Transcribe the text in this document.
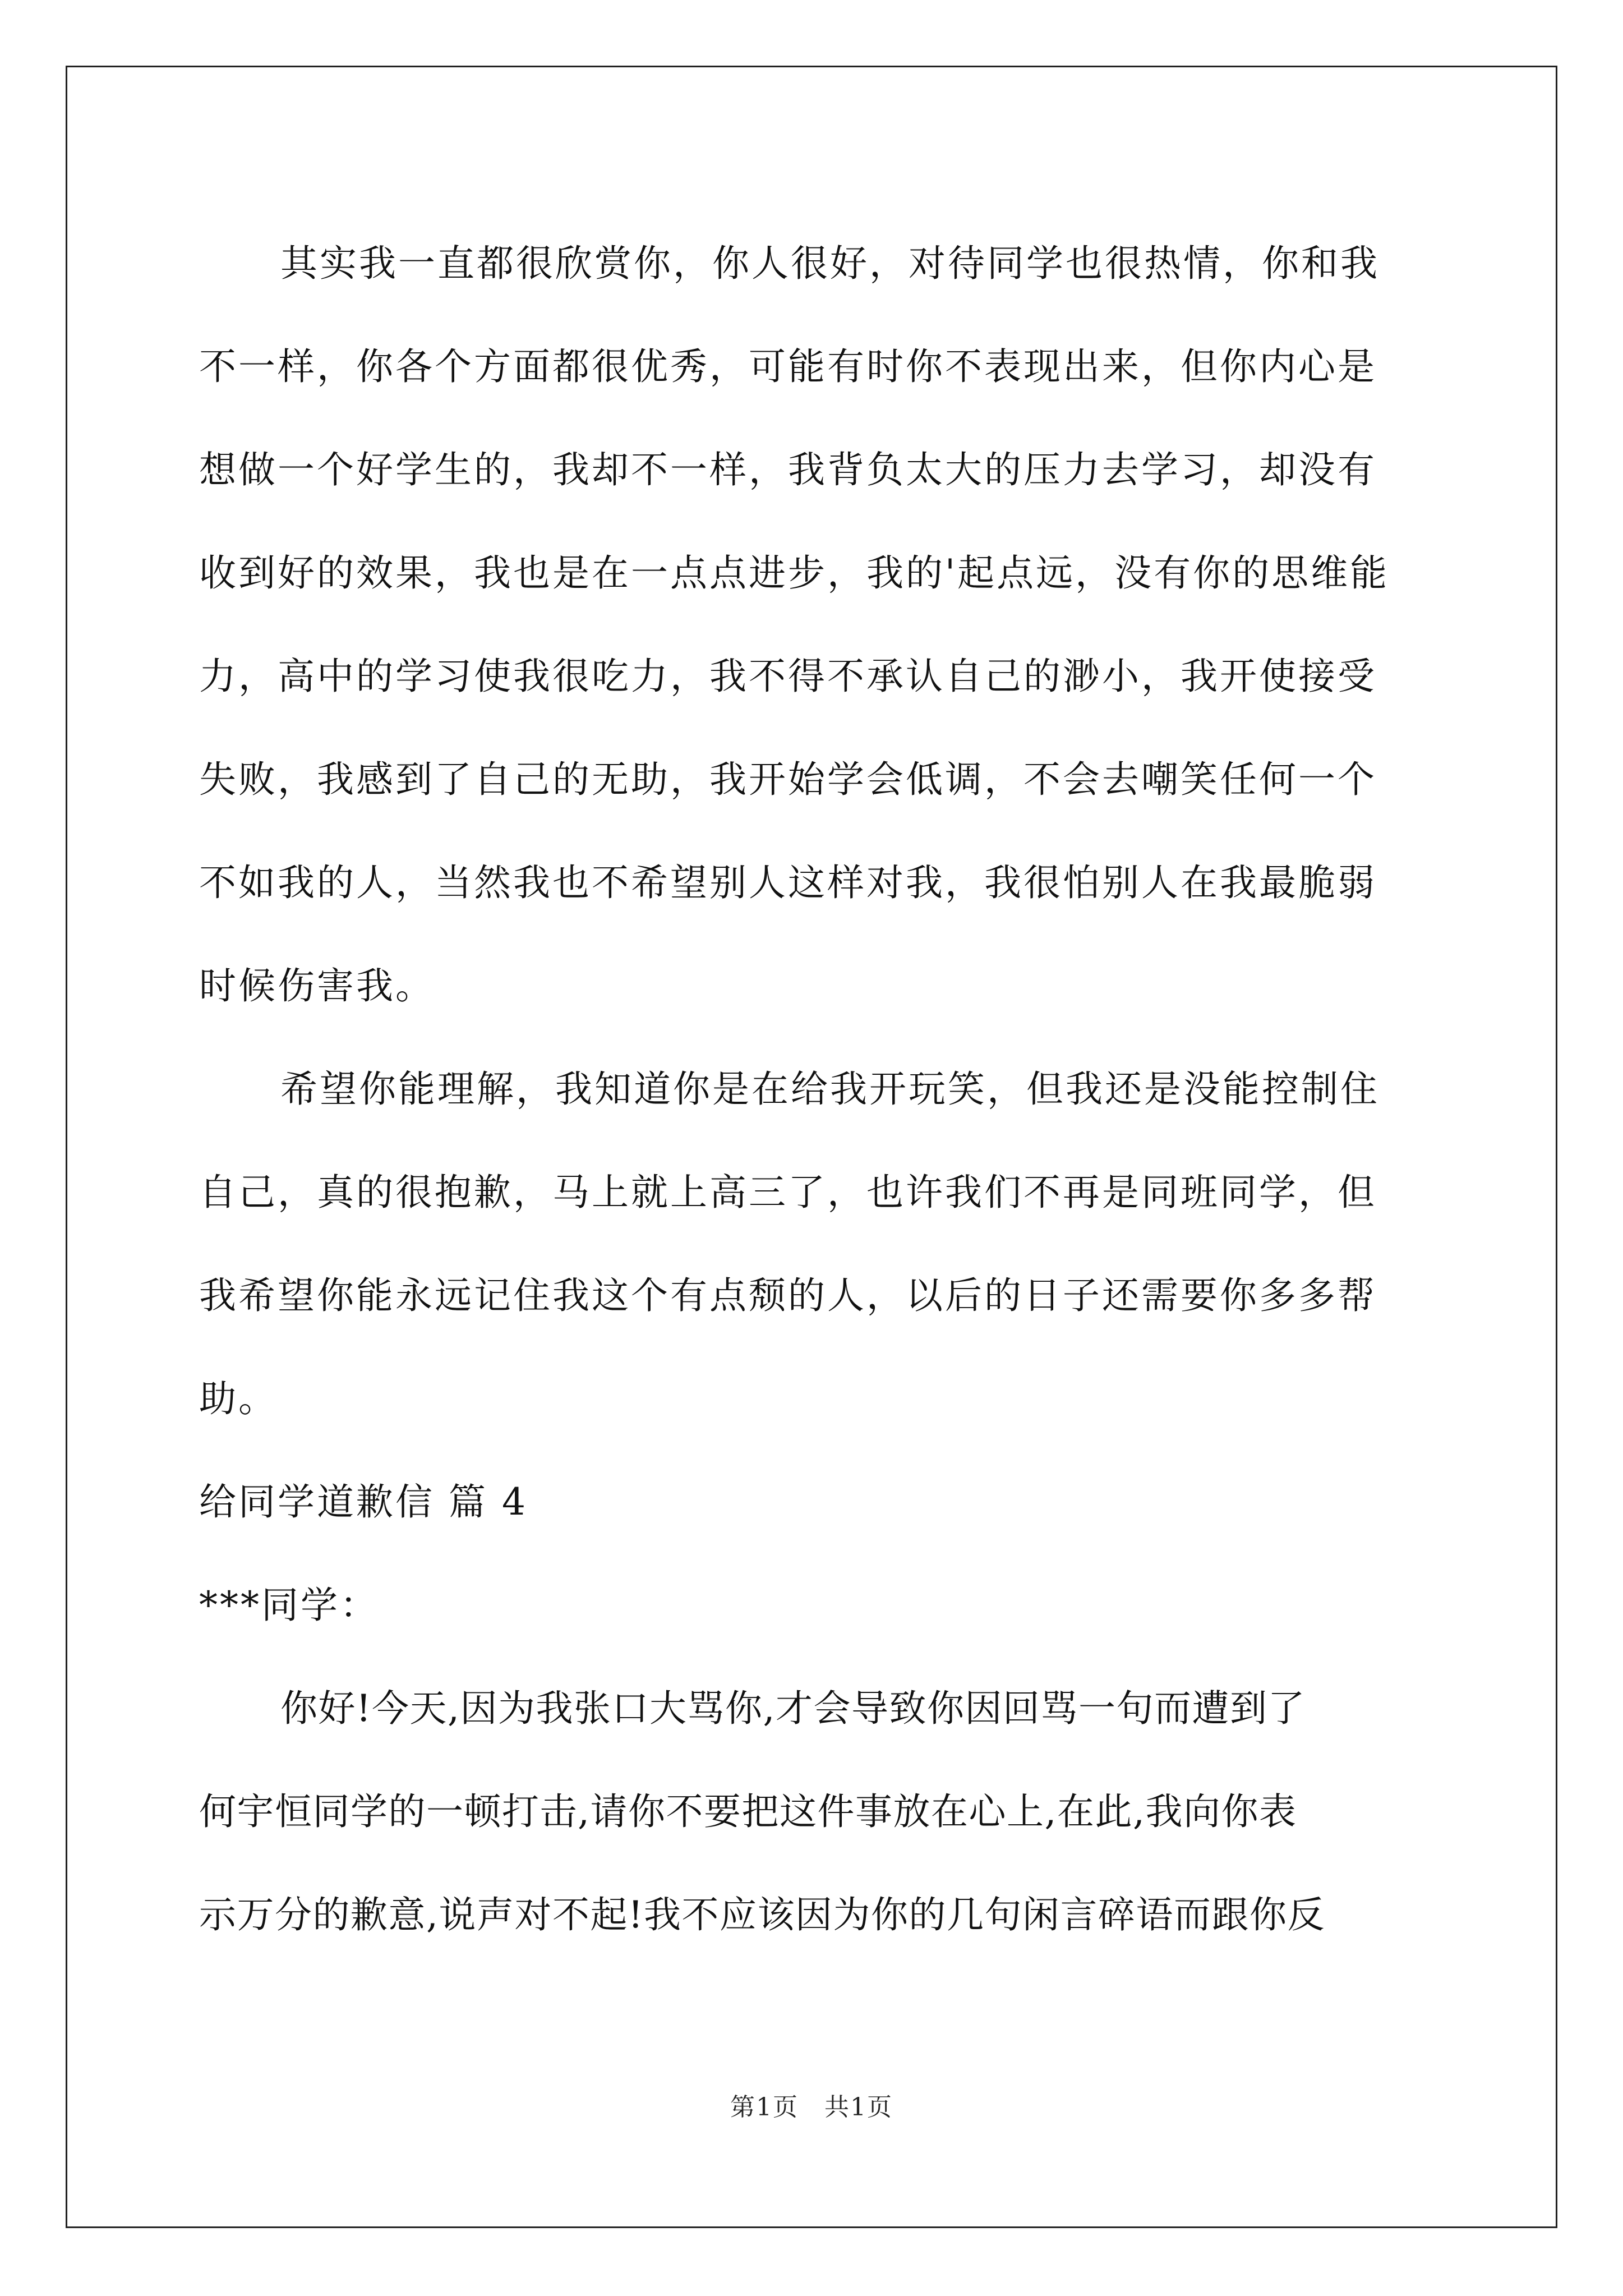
其实我一直都很欣赏你，你人很好，对待同学也很热情，你和我
不一样，你各个方面都很优秀，可能有时你不表现出来，但你内心是
想做一个好学生的，我却不一样，我背负太大的压力去学习，却没有
收到好的效果，我也是在一点点进步，我的'起点远，没有你的思维能
力，高中的学习使我很吃力，我不得不承认自己的渺小，我开使接受
失败，我感到了自己的无助，我开始学会低调，不会去嘲笑任何一个
不如我的人，当然我也不希望别人这样对我，我很怕别人在我最脆弱
时候伤害我。
希望你能理解，我知道你是在给我开玩笑，但我还是没能控制住
自己，真的很抱歉，马上就上高三了，也许我们不再是同班同学，但
我希望你能永远记住我这个有点颓的人，以后的日子还需要你多多帮
助。
给同学道歉信 篇 4
***同学：
你好!今天,因为我张口大骂你,才会导致你因回骂一句而遭到了
何宇恒同学的一顿打击,请你不要把这件事放在心上,在此,我向你表
示万分的歉意,说声对不起!我不应该因为你的几句闲言碎语而跟你反
第1页　共1页
